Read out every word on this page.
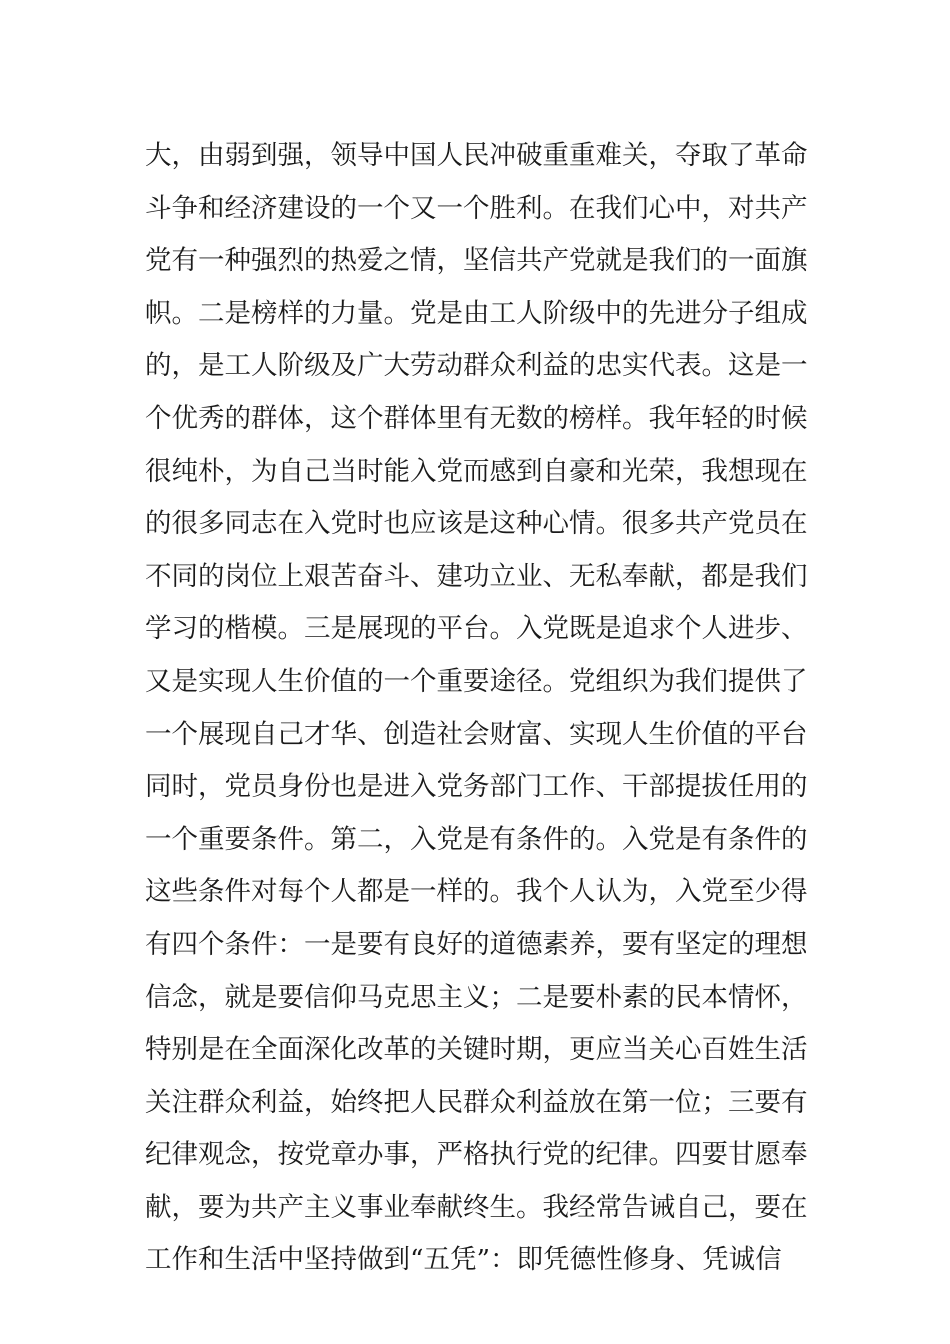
大，由弱到强，领导中国人民冲破重重难关，夺取了革命
斗争和经济建设的一个又一个胜利。在我们心中，对共产
党有一种强烈的热爱之情，坚信共产党就是我们的一面旗
帜。二是榜样的力量。党是由工人阶级中的先进分子组成
的，是工人阶级及广大劳动群众利益的忠实代表。这是一
个优秀的群体，这个群体里有无数的榜样。我年轻的时候
很纯朴，为自己当时能入党而感到自豪和光荣，我想现在
的很多同志在入党时也应该是这种心情。很多共产党员在
不同的岗位上艰苦奋斗、建功立业、无私奉献，都是我们
学习的楷模。三是展现的平台。入党既是追求个人进步、
又是实现人生价值的一个重要途径。党组织为我们提供了
一个展现自己才华、创造社会财富、实现人生价值的平台
同时，党员身份也是进入党务部门工作、干部提拔任用的
一个重要条件。第二，入党是有条件的。入党是有条件的
这些条件对每个人都是一样的。我个人认为，入党至少得
有四个条件：一是要有良好的道德素养，要有坚定的理想
信念，就是要信仰马克思主义；二是要朴素的民本情怀，
特别是在全面深化改革的关键时期，更应当关心百姓生活
关注群众利益，始终把人民群众利益放在第一位；三要有
纪律观念，按党章办事，严格执行党的纪律。四要甘愿奉
献，要为共产主义事业奉献终生。我经常告诫自己，要在
工作和生活中坚持做到“五凭”：即凭德性修身、凭诚信
